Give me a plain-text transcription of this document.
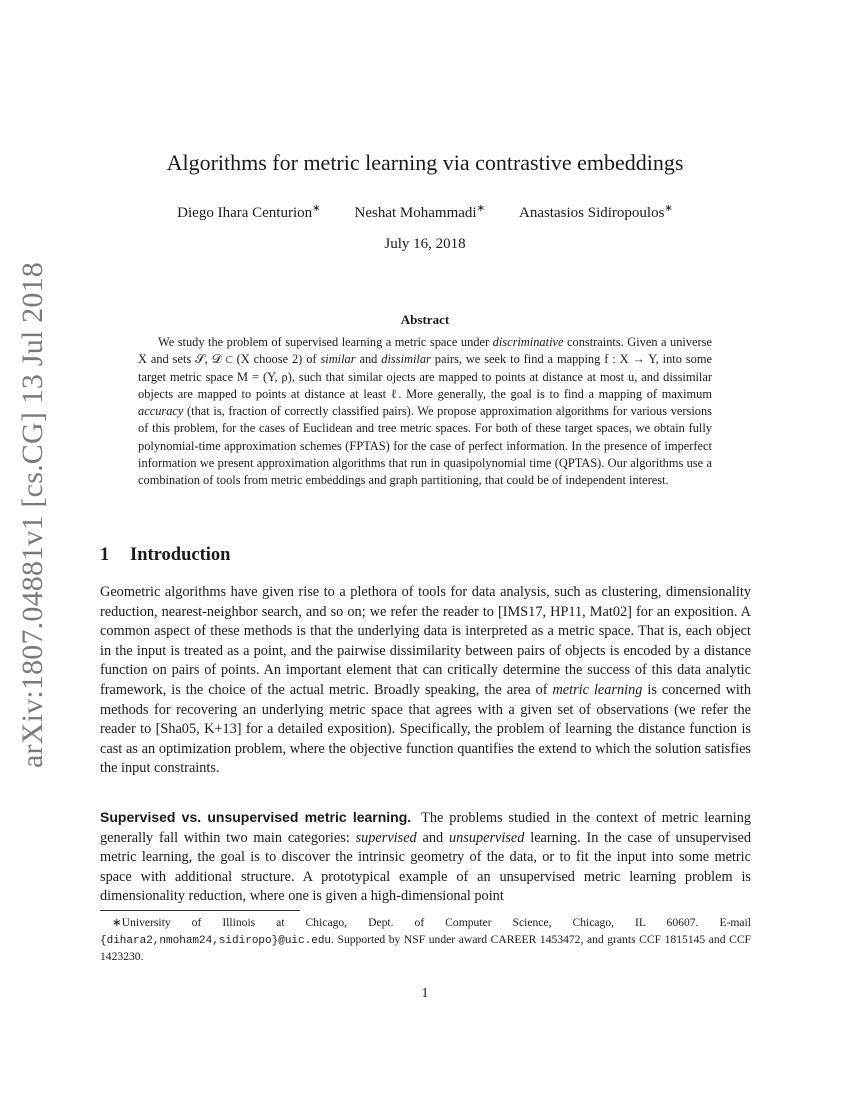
arXiv:1807.04881v1 [cs.CG] 13 Jul 2018
Algorithms for metric learning via contrastive embeddings
Diego Ihara Centurion∗ Neshat Mohammadi∗ Anastasios Sidiropoulos∗
July 16, 2018
Abstract

We study the problem of supervised learning a metric space under discriminative constraints. Given a universe X and sets 𝒮, 𝒟 ⊂ (X choose 2) of similar and dissimilar pairs, we seek to find a mapping f : X → Y, into some target metric space M = (Y, ρ), such that similar ojects are mapped to points at distance at most u, and dissimilar objects are mapped to points at distance at least ℓ. More generally, the goal is to find a mapping of maximum accuracy (that is, fraction of correctly classified pairs). We propose approximation algorithms for various versions of this problem, for the cases of Euclidean and tree metric spaces. For both of these target spaces, we obtain fully polynomial-time approximation schemes (FPTAS) for the case of perfect information. In the presence of imperfect information we present approximation algorithms that run in quasipolynomial time (QPTAS). Our algorithms use a combination of tools from metric embeddings and graph partitioning, that could be of independent interest.

1 Introduction

Geometric algorithms have given rise to a plethora of tools for data analysis, such as clustering, dimensionality reduction, nearest-neighbor search, and so on; we refer the reader to [IMS17, HP11, Mat02] for an exposition. A common aspect of these methods is that the underlying data is interpreted as a metric space. That is, each object in the input is treated as a point, and the pairwise dissimilarity between pairs of objects is encoded by a distance function on pairs of points. An important element that can critically determine the success of this data analytic framework, is the choice of the actual metric. Broadly speaking, the area of metric learning is concerned with methods for recovering an underlying metric space that agrees with a given set of observations (we refer the reader to [Sha05, K+13] for a detailed exposition). Specifically, the problem of learning the distance function is cast as an optimization problem, where the objective function quantifies the extend to which the solution satisfies the input constraints.

Supervised vs. unsupervised metric learning. The problems studied in the context of metric learning generally fall within two main categories: supervised and unsupervised learning. In the case of unsupervised metric learning, the goal is to discover the intrinsic geometry of the data, or to fit the input into some metric space with additional structure. A prototypical example of an unsupervised metric learning problem is dimensionality reduction, where one is given a high-dimensional point

∗University of Illinois at Chicago, Dept. of Computer Science, Chicago, IL 60607. E-mail {dihara2,nmoham24,sidiropo}@uic.edu. Supported by NSF under award CAREER 1453472, and grants CCF 1815145 and CCF 1423230.

1
